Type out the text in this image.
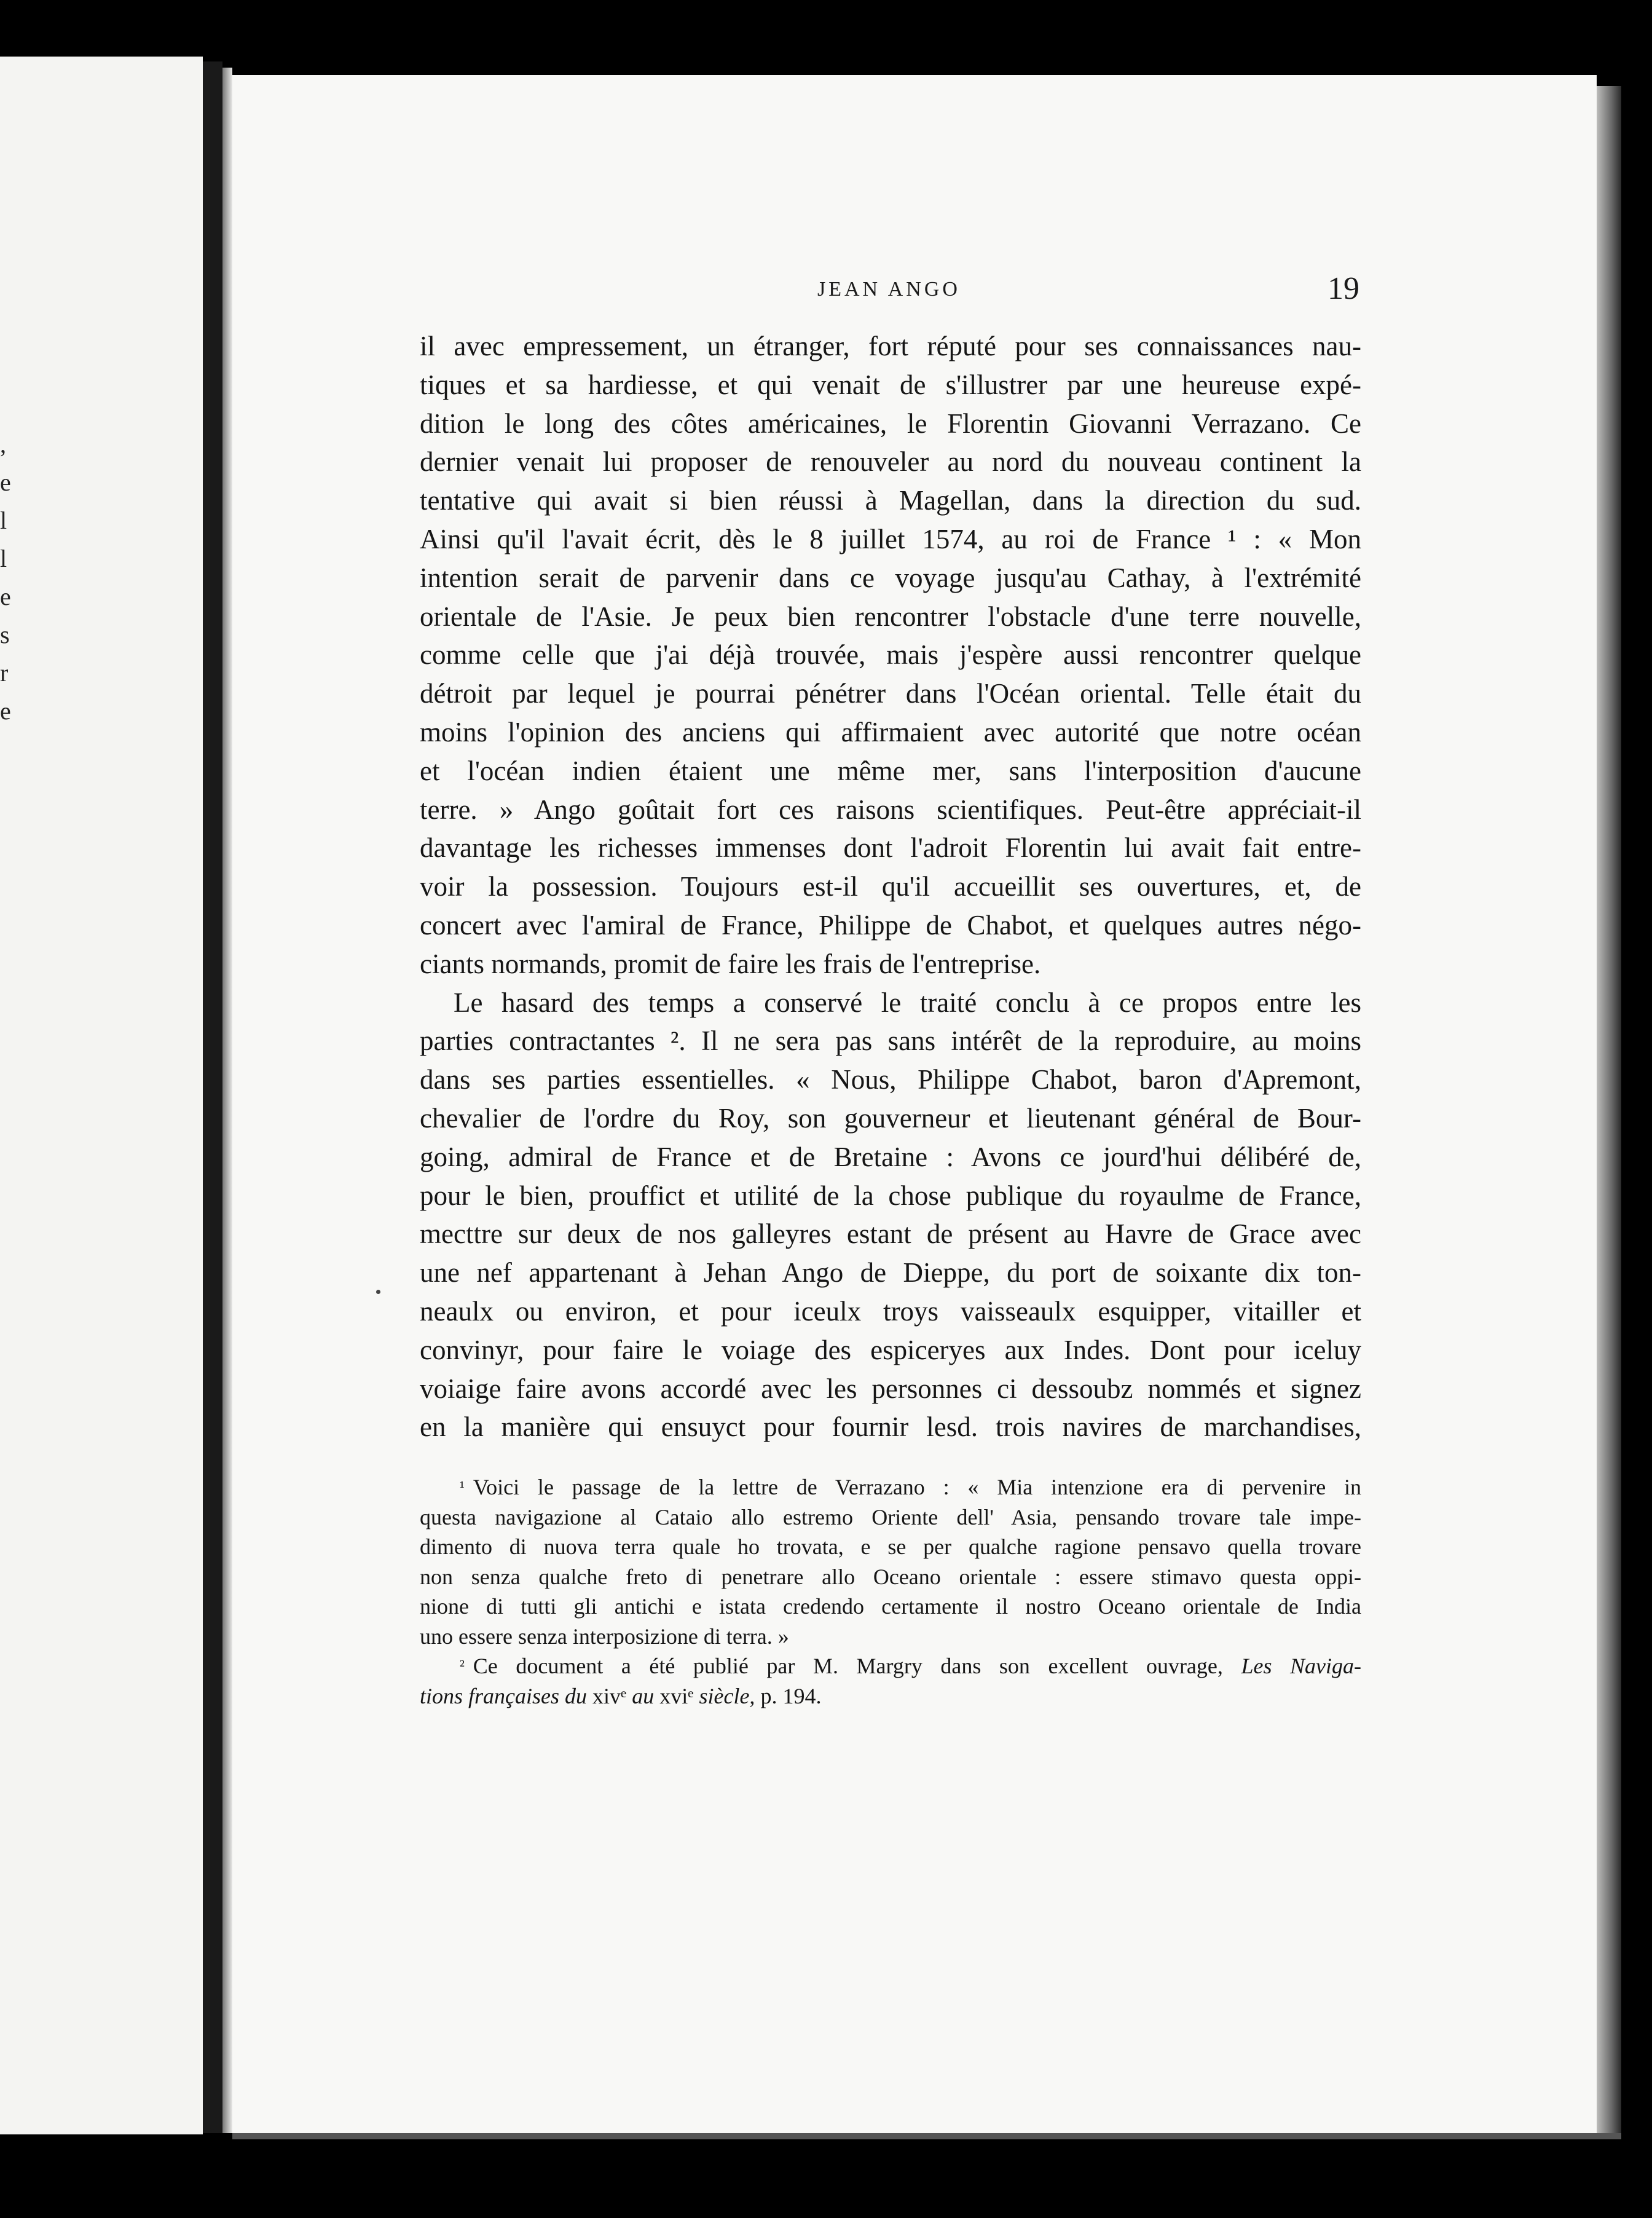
,
e
l
l
e
s
r
e
JEAN ANGO	19
il avec empressement, un étranger, fort réputé pour ses connaissances nau-
tiques et sa hardiesse, et qui venait de s'illustrer par une heureuse expé-
dition le long des côtes américaines, le Florentin Giovanni Verrazano. Ce
dernier venait lui proposer de renouveler au nord du nouveau continent la
tentative qui avait si bien réussi à Magellan, dans la direction du sud.
Ainsi qu'il l'avait écrit, dès le 8 juillet 1574, au roi de France ¹ : « Mon
intention serait de parvenir dans ce voyage jusqu'au Cathay, à l'extrémité
orientale de l'Asie. Je peux bien rencontrer l'obstacle d'une terre nouvelle,
comme celle que j'ai déjà trouvée, mais j'espère aussi rencontrer quelque
détroit par lequel je pourrai pénétrer dans l'Océan oriental. Telle était du
moins l'opinion des anciens qui affirmaient avec autorité que notre océan
et l'océan indien étaient une même mer, sans l'interposition d'aucune
terre. » Ango goûtait fort ces raisons scientifiques. Peut-être appréciait-il
davantage les richesses immenses dont l'adroit Florentin lui avait fait entre-
voir la possession. Toujours est-il qu'il accueillit ses ouvertures, et, de
concert avec l'amiral de France, Philippe de Chabot, et quelques autres négo-
ciants normands, promit de faire les frais de l'entreprise.
Le hasard des temps a conservé le traité conclu à ce propos entre les
parties contractantes ². Il ne sera pas sans intérêt de la reproduire, au moins
dans ses parties essentielles. « Nous, Philippe Chabot, baron d'Apremont,
chevalier de l'ordre du Roy, son gouverneur et lieutenant général de Bour-
going, admiral de France et de Bretaine : Avons ce jourd'hui délibéré de,
pour le bien, prouffict et utilité de la chose publique du royaulme de France,
mecttre sur deux de nos galleyres estant de présent au Havre de Grace avec
une nef appartenant à Jehan Ango de Dieppe, du port de soixante dix ton-
neaulx ou environ, et pour iceulx troys vaisseaulx esquipper, vitailler et
convinyr, pour faire le voiage des espiceryes aux Indes. Dont pour iceluy
voiaige faire avons accordé avec les personnes ci dessoubz nommés et signez
en la manière qui ensuyct pour fournir lesd. trois navires de marchandises,
¹ Voici le passage de la lettre de Verrazano : « Mia intenzione era di pervenire in
questa navigazione al Cataio allo estremo Oriente dell' Asia, pensando trovare tale impe-
dimento di nuova terra quale ho trovata, e se per qualche ragione pensavo quella trovare
non senza qualche freto di penetrare allo Oceano orientale : essere stimavo questa oppi-
nione di tutti gli antichi e istata credendo certamente il nostro Oceano orientale de India
uno essere senza interposizione di terra. »
² Ce document a été publié par M. Margry dans son excellent ouvrage, Les Naviga-
tions françaises du xivᵉ au xviᵉ siècle, p. 194.
